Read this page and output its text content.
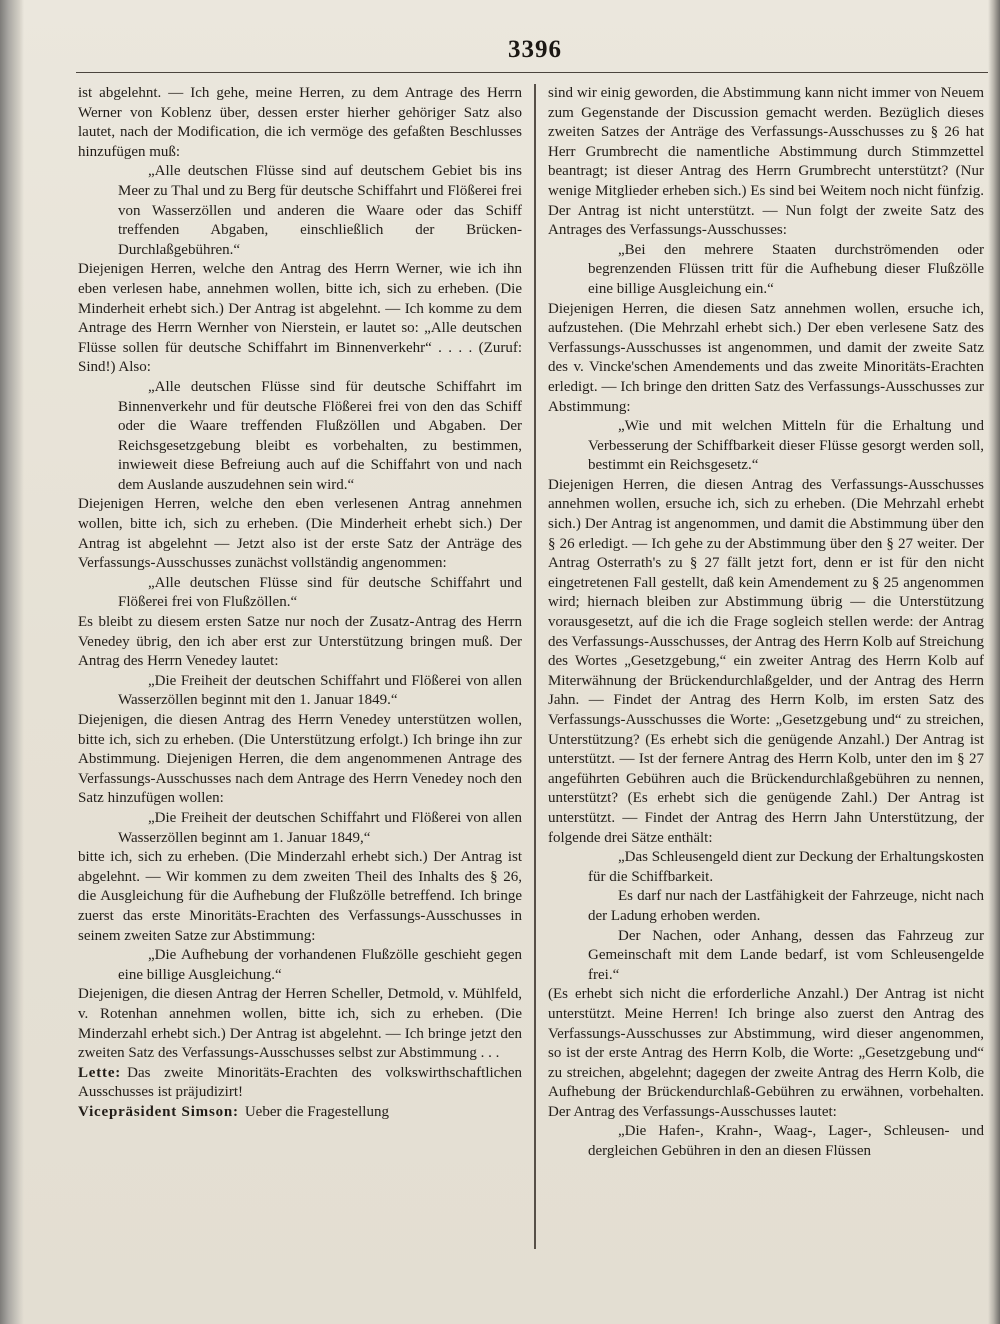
3396

ist abgelehnt. — Ich gehe, meine Herren, zu dem Antrage des Herrn Werner von Koblenz über, dessen erster hierher gehöriger Satz also lautet, nach der Modification, die ich vermöge des gefaßten Beschlusses hinzufügen muß:

„Alle deutschen Flüsse sind auf deutschem Gebiet bis ins Meer zu Thal und zu Berg für deutsche Schiffahrt und Flößerei frei von Wasserzöllen und anderen die Waare oder das Schiff treffenden Abgaben, einschließlich der Brücken-Durchlaßgebühren.“

Diejenigen Herren, welche den Antrag des Herrn Werner, wie ich ihn eben verlesen habe, annehmen wollen, bitte ich, sich zu erheben. (Die Minderheit erhebt sich.) Der Antrag ist abgelehnt. — Ich komme zu dem Antrage des Herrn Wernher von Nierstein, er lautet so: „Alle deutschen Flüsse sollen für deutsche Schiffahrt im Binnenverkehr“ . . . . (Zuruf: Sind!) Also:

„Alle deutschen Flüsse sind für deutsche Schiffahrt im Binnenverkehr und für deutsche Flößerei frei von den das Schiff oder die Waare treffenden Flußzöllen und Abgaben. Der Reichsgesetzgebung bleibt es vorbehalten, zu bestimmen, inwieweit diese Befreiung auch auf die Schiffahrt von und nach dem Auslande auszudehnen sein wird.“

Diejenigen Herren, welche den eben verlesenen Antrag annehmen wollen, bitte ich, sich zu erheben. (Die Minderheit erhebt sich.) Der Antrag ist abgelehnt — Jetzt also ist der erste Satz der Anträge des Verfassungs-Ausschusses zunächst vollständig angenommen:

„Alle deutschen Flüsse sind für deutsche Schiffahrt und Flößerei frei von Flußzöllen.“

Es bleibt zu diesem ersten Satze nur noch der Zusatz-Antrag des Herrn Venedey übrig, den ich aber erst zur Unterstützung bringen muß. Der Antrag des Herrn Venedey lautet:

„Die Freiheit der deutschen Schiffahrt und Flößerei von allen Wasserzöllen beginnt mit den 1. Januar 1849.“

Diejenigen, die diesen Antrag des Herrn Venedey unterstützen wollen, bitte ich, sich zu erheben. (Die Unterstützung erfolgt.) Ich bringe ihn zur Abstimmung. Diejenigen Herren, die dem angenommenen Antrage des Verfassungs-Ausschusses nach dem Antrage des Herrn Venedey noch den Satz hinzufügen wollen:

„Die Freiheit der deutschen Schiffahrt und Flößerei von allen Wasserzöllen beginnt am 1. Januar 1849,“

bitte ich, sich zu erheben. (Die Minderzahl erhebt sich.) Der Antrag ist abgelehnt. — Wir kommen zu dem zweiten Theil des Inhalts des § 26, die Ausgleichung für die Aufhebung der Flußzölle betreffend. Ich bringe zuerst das erste Minoritäts-Erachten des Verfassungs-Ausschusses in seinem zweiten Satze zur Abstimmung:

„Die Aufhebung der vorhandenen Flußzölle geschieht gegen eine billige Ausgleichung.“

Diejenigen, die diesen Antrag der Herren Scheller, Detmold, v. Mühlfeld, v. Rotenhan annehmen wollen, bitte ich, sich zu erheben. (Die Minderzahl erhebt sich.) Der Antrag ist abgelehnt. — Ich bringe jetzt den zweiten Satz des Verfassungs-Ausschusses selbst zur Abstimmung . . .

Lette: Das zweite Minoritäts-Erachten des volkswirthschaftlichen Ausschusses ist präjudizirt!

Vicepräsident Simson: Ueber die Fragestellung

sind wir einig geworden, die Abstimmung kann nicht immer von Neuem zum Gegenstande der Discussion gemacht werden. Bezüglich dieses zweiten Satzes der Anträge des Verfassungs-Ausschusses zu § 26 hat Herr Grumbrecht die namentliche Abstimmung durch Stimmzettel beantragt; ist dieser Antrag des Herrn Grumbrecht unterstützt? (Nur wenige Mitglieder erheben sich.) Es sind bei Weitem noch nicht fünfzig. Der Antrag ist nicht unterstützt. — Nun folgt der zweite Satz des Antrages des Verfassungs-Ausschusses:

„Bei den mehrere Staaten durchströmenden oder begrenzenden Flüssen tritt für die Aufhebung dieser Flußzölle eine billige Ausgleichung ein.“

Diejenigen Herren, die diesen Satz annehmen wollen, ersuche ich, aufzustehen. (Die Mehrzahl erhebt sich.) Der eben verlesene Satz des Verfassungs-Ausschusses ist angenommen, und damit der zweite Satz des v. Vincke'schen Amendements und das zweite Minoritäts-Erachten erledigt. — Ich bringe den dritten Satz des Verfassungs-Ausschusses zur Abstimmung:

„Wie und mit welchen Mitteln für die Erhaltung und Verbesserung der Schiffbarkeit dieser Flüsse gesorgt werden soll, bestimmt ein Reichsgesetz.“

Diejenigen Herren, die diesen Antrag des Verfassungs-Ausschusses annehmen wollen, ersuche ich, sich zu erheben. (Die Mehrzahl erhebt sich.) Der Antrag ist angenommen, und damit die Abstimmung über den § 26 erledigt. — Ich gehe zu der Abstimmung über den § 27 weiter. Der Antrag Osterrath's zu § 27 fällt jetzt fort, denn er ist für den nicht eingetretenen Fall gestellt, daß kein Amendement zu § 25 angenommen wird; hiernach bleiben zur Abstimmung übrig — die Unterstützung vorausgesetzt, auf die ich die Frage sogleich stellen werde: der Antrag des Verfassungs-Ausschusses, der Antrag des Herrn Kolb auf Streichung des Wortes „Gesetzgebung,“ ein zweiter Antrag des Herrn Kolb auf Miterwähnung der Brückendurchlaßgelder, und der Antrag des Herrn Jahn. — Findet der Antrag des Herrn Kolb, im ersten Satz des Verfassungs-Ausschusses die Worte: „Gesetzgebung und“ zu streichen, Unterstützung? (Es erhebt sich die genügende Anzahl.) Der Antrag ist unterstützt. — Ist der fernere Antrag des Herrn Kolb, unter den im § 27 angeführten Gebühren auch die Brückendurchlaßgebühren zu nennen, unterstützt? (Es erhebt sich die genügende Zahl.) Der Antrag ist unterstützt. — Findet der Antrag des Herrn Jahn Unterstützung, der folgende drei Sätze enthält:

„Das Schleusengeld dient zur Deckung der Erhaltungskosten für die Schiffbarkeit.

Es darf nur nach der Lastfähigkeit der Fahrzeuge, nicht nach der Ladung erhoben werden.

Der Nachen, oder Anhang, dessen das Fahrzeug zur Gemeinschaft mit dem Lande bedarf, ist vom Schleusengelde frei.“

(Es erhebt sich nicht die erforderliche Anzahl.) Der Antrag ist nicht unterstützt. Meine Herren! Ich bringe also zuerst den Antrag des Verfassungs-Ausschusses zur Abstimmung, wird dieser angenommen, so ist der erste Antrag des Herrn Kolb, die Worte: „Gesetzgebung und“ zu streichen, abgelehnt; dagegen der zweite Antrag des Herrn Kolb, die Aufhebung der Brückendurchlaß-Gebühren zu erwähnen, vorbehalten. Der Antrag des Verfassungs-Ausschusses lautet:

„Die Hafen-, Krahn-, Waag-, Lager-, Schleusen- und dergleichen Gebühren in den an diesen Flüssen
